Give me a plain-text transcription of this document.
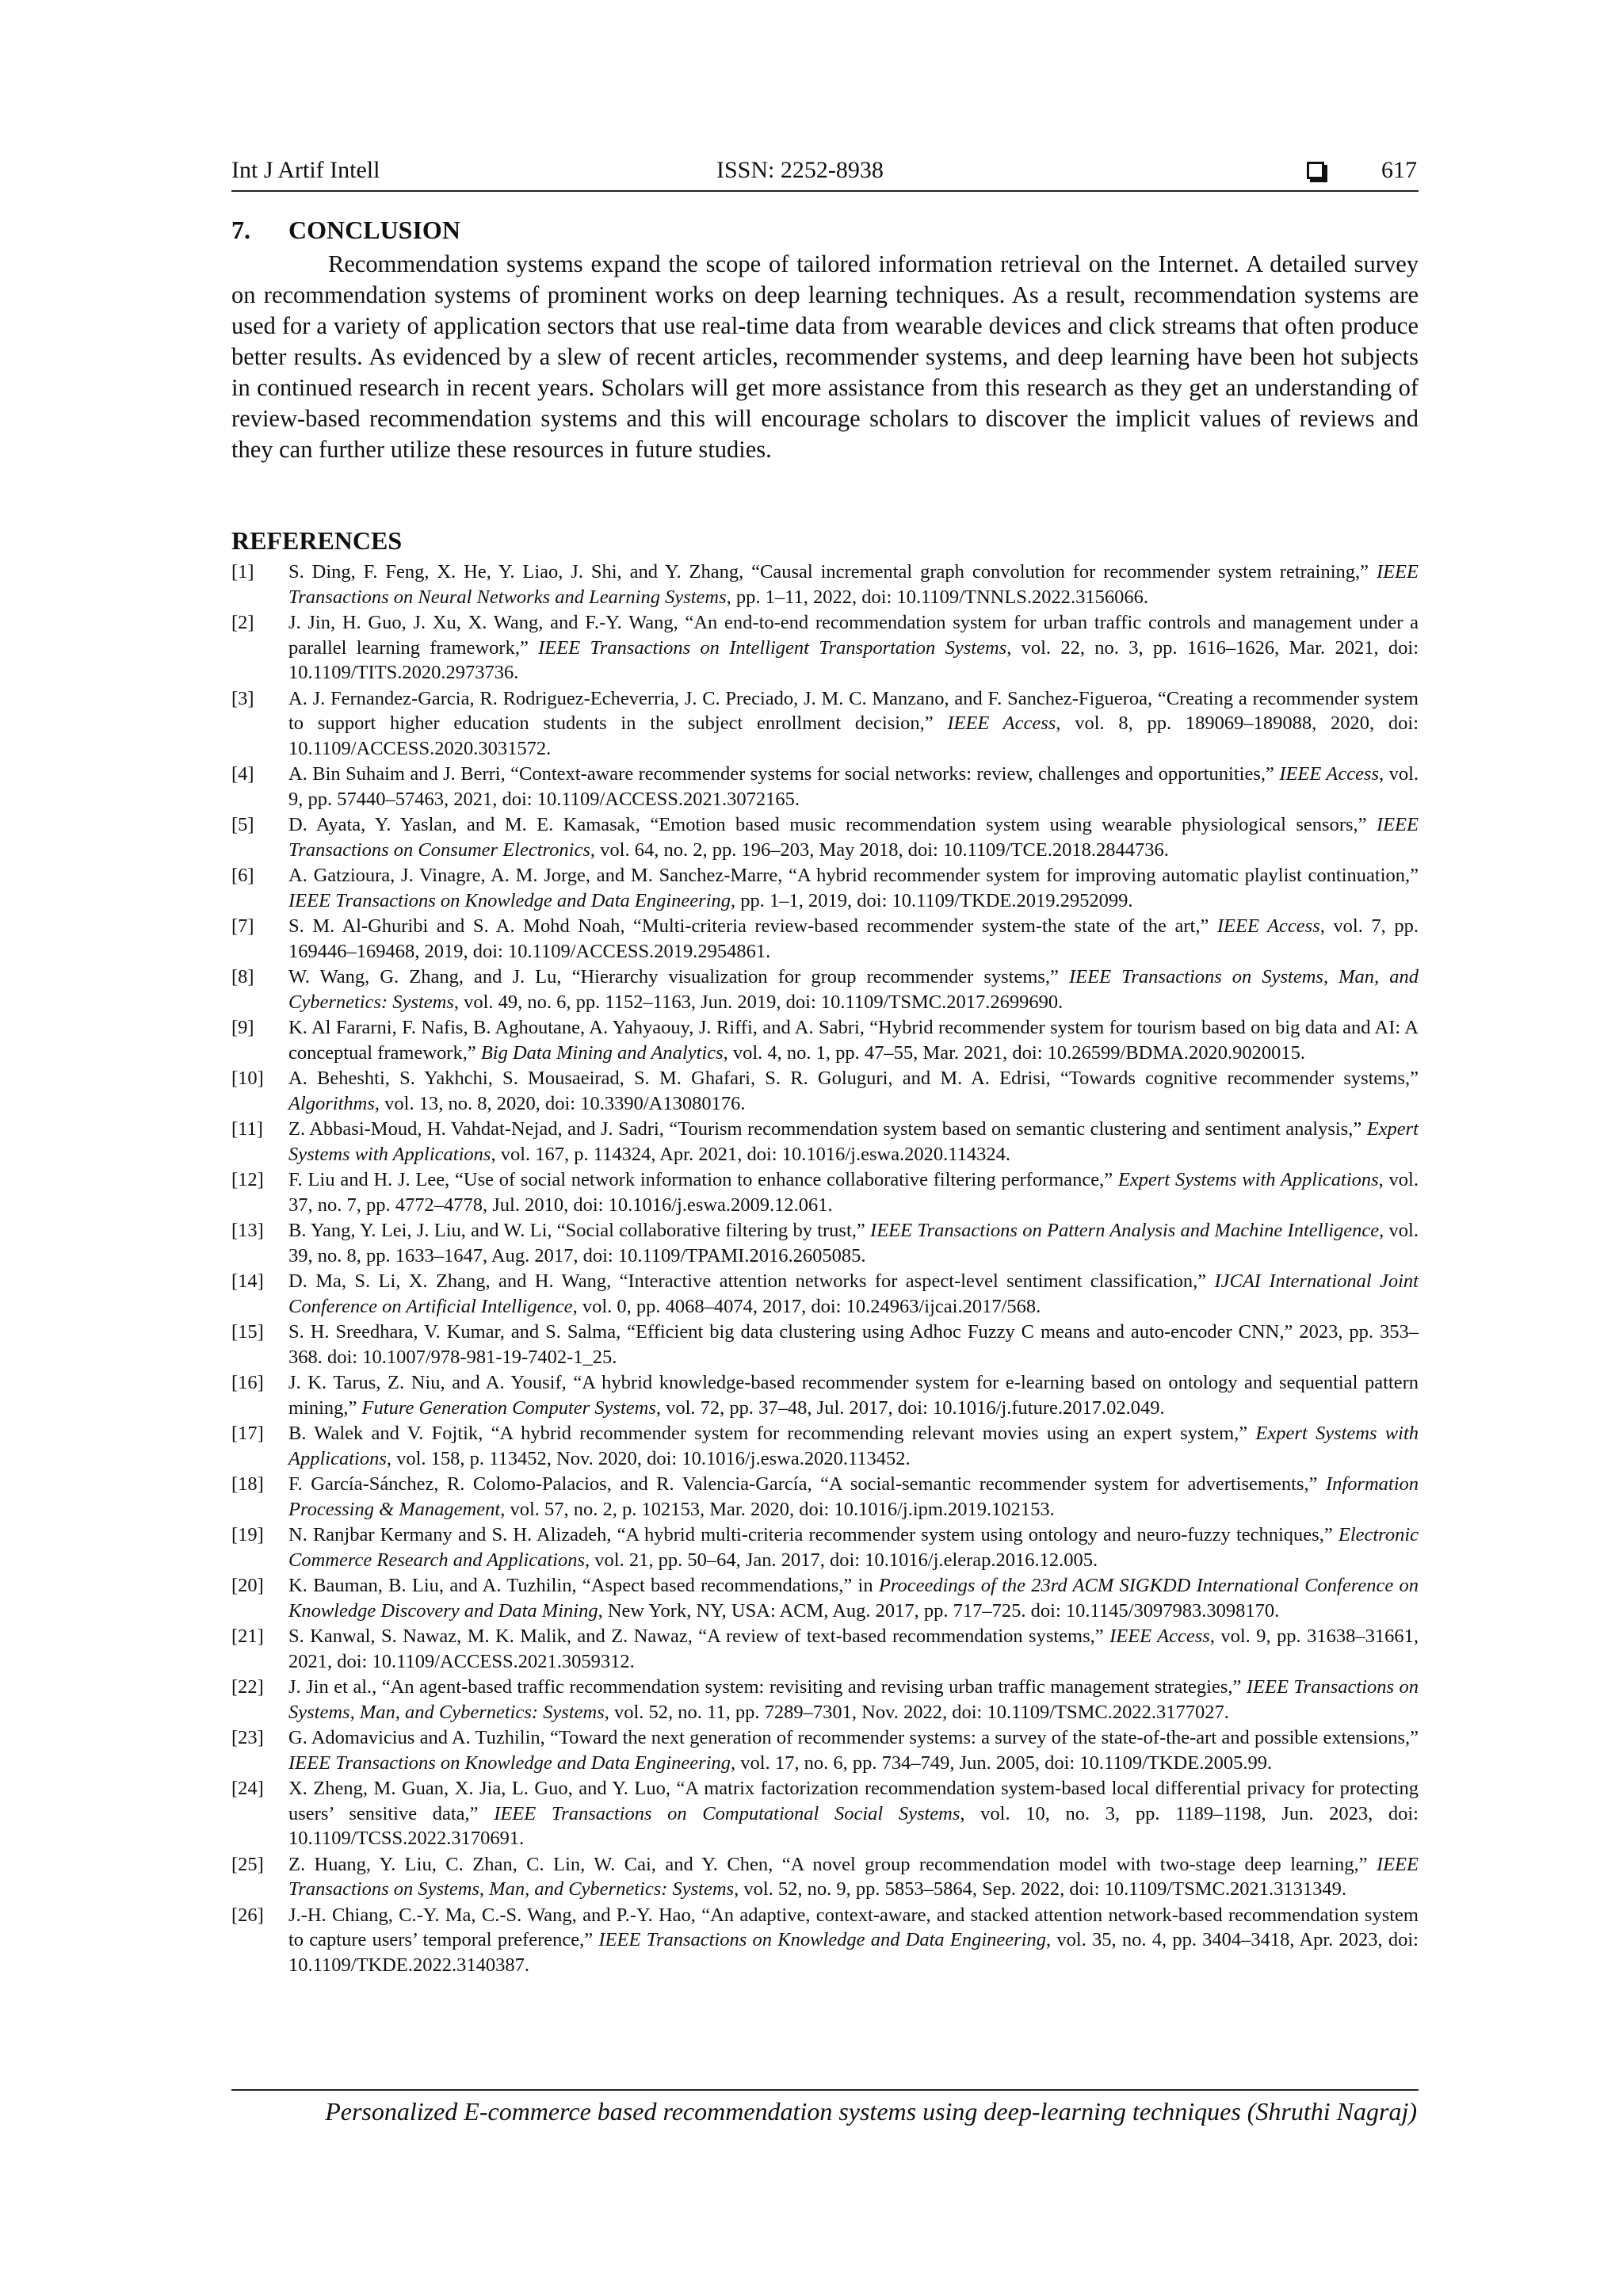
Int J Artif Intell	ISSN: 2252-8938	617
7. CONCLUSION

Recommendation systems expand the scope of tailored information retrieval on the Internet. A detailed survey on recommendation systems of prominent works on deep learning techniques. As a result, recommendation systems are used for a variety of application sectors that use real-time data from wearable devices and click streams that often produce better results. As evidenced by a slew of recent articles, recommender systems, and deep learning have been hot subjects in continued research in recent years. Scholars will get more assistance from this research as they get an understanding of review-based recommendation systems and this will encourage scholars to discover the implicit values of reviews and they can further utilize these resources in future studies.

REFERENCES
[1] S. Ding, F. Feng, X. He, Y. Liao, J. Shi, and Y. Zhang, “Causal incremental graph convolution for recommender system retraining,” IEEE Transactions on Neural Networks and Learning Systems, pp. 1–11, 2022, doi: 10.1109/TNNLS.2022.3156066.
[2] J. Jin, H. Guo, J. Xu, X. Wang, and F.-Y. Wang, “An end-to-end recommendation system for urban traffic controls and management under a parallel learning framework,” IEEE Transactions on Intelligent Transportation Systems, vol. 22, no. 3, pp. 1616–1626, Mar. 2021, doi: 10.1109/TITS.2020.2973736.
[3] A. J. Fernandez-Garcia, R. Rodriguez-Echeverria, J. C. Preciado, J. M. C. Manzano, and F. Sanchez-Figueroa, “Creating a recommender system to support higher education students in the subject enrollment decision,” IEEE Access, vol. 8, pp. 189069–189088, 2020, doi: 10.1109/ACCESS.2020.3031572.
[4] A. Bin Suhaim and J. Berri, “Context-aware recommender systems for social networks: review, challenges and opportunities,” IEEE Access, vol. 9, pp. 57440–57463, 2021, doi: 10.1109/ACCESS.2021.3072165.
[5] D. Ayata, Y. Yaslan, and M. E. Kamasak, “Emotion based music recommendation system using wearable physiological sensors,” IEEE Transactions on Consumer Electronics, vol. 64, no. 2, pp. 196–203, May 2018, doi: 10.1109/TCE.2018.2844736.
[6] A. Gatzioura, J. Vinagre, A. M. Jorge, and M. Sanchez-Marre, “A hybrid recommender system for improving automatic playlist continuation,” IEEE Transactions on Knowledge and Data Engineering, pp. 1–1, 2019, doi: 10.1109/TKDE.2019.2952099.
[7] S. M. Al-Ghuribi and S. A. Mohd Noah, “Multi-criteria review-based recommender system-the state of the art,” IEEE Access, vol. 7, pp. 169446–169468, 2019, doi: 10.1109/ACCESS.2019.2954861.
[8] W. Wang, G. Zhang, and J. Lu, “Hierarchy visualization for group recommender systems,” IEEE Transactions on Systems, Man, and Cybernetics: Systems, vol. 49, no. 6, pp. 1152–1163, Jun. 2019, doi: 10.1109/TSMC.2017.2699690.
[9] K. Al Fararni, F. Nafis, B. Aghoutane, A. Yahyaouy, J. Riffi, and A. Sabri, “Hybrid recommender system for tourism based on big data and AI: A conceptual framework,” Big Data Mining and Analytics, vol. 4, no. 1, pp. 47–55, Mar. 2021, doi: 10.26599/BDMA.2020.9020015.
[10] A. Beheshti, S. Yakhchi, S. Mousaeirad, S. M. Ghafari, S. R. Goluguri, and M. A. Edrisi, “Towards cognitive recommender systems,” Algorithms, vol. 13, no. 8, 2020, doi: 10.3390/A13080176.
[11] Z. Abbasi-Moud, H. Vahdat-Nejad, and J. Sadri, “Tourism recommendation system based on semantic clustering and sentiment analysis,” Expert Systems with Applications, vol. 167, p. 114324, Apr. 2021, doi: 10.1016/j.eswa.2020.114324.
[12] F. Liu and H. J. Lee, “Use of social network information to enhance collaborative filtering performance,” Expert Systems with Applications, vol. 37, no. 7, pp. 4772–4778, Jul. 2010, doi: 10.1016/j.eswa.2009.12.061.
[13] B. Yang, Y. Lei, J. Liu, and W. Li, “Social collaborative filtering by trust,” IEEE Transactions on Pattern Analysis and Machine Intelligence, vol. 39, no. 8, pp. 1633–1647, Aug. 2017, doi: 10.1109/TPAMI.2016.2605085.
[14] D. Ma, S. Li, X. Zhang, and H. Wang, “Interactive attention networks for aspect-level sentiment classification,” IJCAI International Joint Conference on Artificial Intelligence, vol. 0, pp. 4068–4074, 2017, doi: 10.24963/ijcai.2017/568.
[15] S. H. Sreedhara, V. Kumar, and S. Salma, “Efficient big data clustering using Adhoc Fuzzy C means and auto-encoder CNN,” 2023, pp. 353–368. doi: 10.1007/978-981-19-7402-1_25.
[16] J. K. Tarus, Z. Niu, and A. Yousif, “A hybrid knowledge-based recommender system for e-learning based on ontology and sequential pattern mining,” Future Generation Computer Systems, vol. 72, pp. 37–48, Jul. 2017, doi: 10.1016/j.future.2017.02.049.
[17] B. Walek and V. Fojtik, “A hybrid recommender system for recommending relevant movies using an expert system,” Expert Systems with Applications, vol. 158, p. 113452, Nov. 2020, doi: 10.1016/j.eswa.2020.113452.
[18] F. García-Sánchez, R. Colomo-Palacios, and R. Valencia-García, “A social-semantic recommender system for advertisements,” Information Processing & Management, vol. 57, no. 2, p. 102153, Mar. 2020, doi: 10.1016/j.ipm.2019.102153.
[19] N. Ranjbar Kermany and S. H. Alizadeh, “A hybrid multi-criteria recommender system using ontology and neuro-fuzzy techniques,” Electronic Commerce Research and Applications, vol. 21, pp. 50–64, Jan. 2017, doi: 10.1016/j.elerap.2016.12.005.
[20] K. Bauman, B. Liu, and A. Tuzhilin, “Aspect based recommendations,” in Proceedings of the 23rd ACM SIGKDD International Conference on Knowledge Discovery and Data Mining, New York, NY, USA: ACM, Aug. 2017, pp. 717–725. doi: 10.1145/3097983.3098170.
[21] S. Kanwal, S. Nawaz, M. K. Malik, and Z. Nawaz, “A review of text-based recommendation systems,” IEEE Access, vol. 9, pp. 31638–31661, 2021, doi: 10.1109/ACCESS.2021.3059312.
[22] J. Jin et al., “An agent-based traffic recommendation system: revisiting and revising urban traffic management strategies,” IEEE Transactions on Systems, Man, and Cybernetics: Systems, vol. 52, no. 11, pp. 7289–7301, Nov. 2022, doi: 10.1109/TSMC.2022.3177027.
[23] G. Adomavicius and A. Tuzhilin, “Toward the next generation of recommender systems: a survey of the state-of-the-art and possible extensions,” IEEE Transactions on Knowledge and Data Engineering, vol. 17, no. 6, pp. 734–749, Jun. 2005, doi: 10.1109/TKDE.2005.99.
[24] X. Zheng, M. Guan, X. Jia, L. Guo, and Y. Luo, “A matrix factorization recommendation system-based local differential privacy for protecting users’ sensitive data,” IEEE Transactions on Computational Social Systems, vol. 10, no. 3, pp. 1189–1198, Jun. 2023, doi: 10.1109/TCSS.2022.3170691.
[25] Z. Huang, Y. Liu, C. Zhan, C. Lin, W. Cai, and Y. Chen, “A novel group recommendation model with two-stage deep learning,” IEEE Transactions on Systems, Man, and Cybernetics: Systems, vol. 52, no. 9, pp. 5853–5864, Sep. 2022, doi: 10.1109/TSMC.2021.3131349.
[26] J.-H. Chiang, C.-Y. Ma, C.-S. Wang, and P.-Y. Hao, “An adaptive, context-aware, and stacked attention network-based recommendation system to capture users’ temporal preference,” IEEE Transactions on Knowledge and Data Engineering, vol. 35, no. 4, pp. 3404–3418, Apr. 2023, doi: 10.1109/TKDE.2022.3140387.
Personalized E-commerce based recommendation systems using deep-learning techniques (Shruthi Nagraj)
